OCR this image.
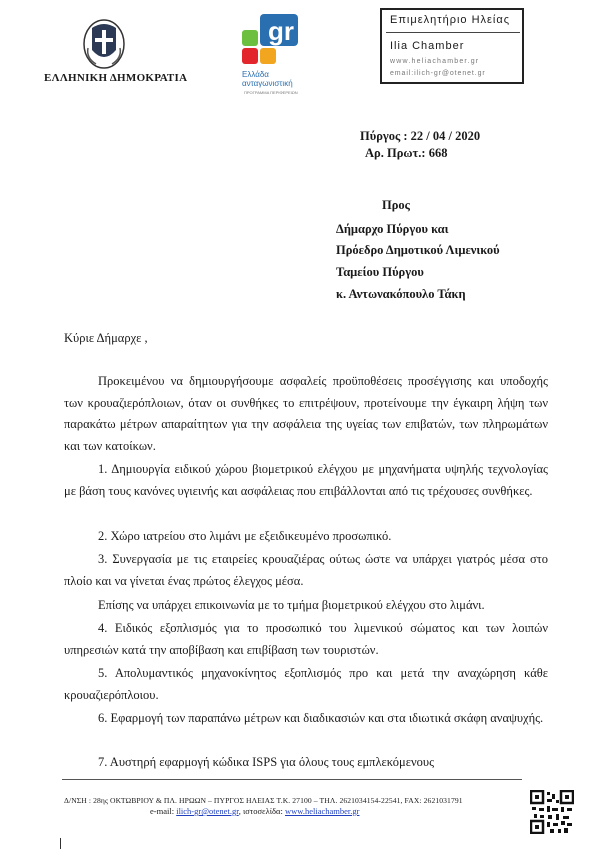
ΕΛΛΗΝΙΚΗ ΔΗΜΟΚΡΑΤΙΑ
gr
Ελλάδα
ανταγωνιστική
ΠΡΟΓΡΑΜΜΑ ΠΕΡΙΦΕΡΕΙΩΝ
Επιμελητήριο Ηλείας
Ilia Chamber
www.heliachamber.gr
email:ilich-gr@otenet.gr
Πύργος : 22 / 04 / 2020
Αρ. Πρωτ.: 668
Προς
Δήμαρχο Πύργου και
Πρόεδρο Δημοτικού Λιμενικού
Ταμείου Πύργου
κ. Αντωνακόπουλο Τάκη
Κύριε Δήμαρχε ,
Προκειμένου να δημιουργήσουμε ασφαλείς προϋποθέσεις προσέγγισης και υποδοχής των κρουαζιερόπλοιων, όταν οι συνθήκες το επιτρέψουν, προτείνουμε την έγκαιρη λήψη των παρακάτω μέτρων απαραίτητων για την ασφάλεια της υγείας των επιβατών, των πληρωμάτων και των κατοίκων.
1. Δημιουργία ειδικού χώρου βιομετρικού ελέγχου με μηχανήματα υψηλής τεχνολογίας με βάση τους κανόνες υγιεινής και ασφάλειας που επιβάλλονται από τις τρέχουσες συνθήκες.
2. Χώρο ιατρείου στο λιμάνι με εξειδικευμένο προσωπικό.
3. Συνεργασία με τις εταιρείες κρουαζιέρας ούτως ώστε να υπάρχει γιατρός μέσα στο πλοίο και να γίνεται ένας πρώτος έλεγχος μέσα.
Επίσης να υπάρχει επικοινωνία με το τμήμα βιομετρικού ελέγχου στο λιμάνι.
4. Ειδικός εξοπλισμός για το προσωπικό του λιμενικού σώματος και των λοιπών υπηρεσιών κατά την αποβίβαση και επιβίβαση των τουριστών.
5. Απολυμαντικός μηχανοκίνητος εξοπλισμός προ και μετά την αναχώρηση κάθε κρουαζιερόπλοιου.
6. Εφαρμογή των παραπάνω μέτρων και διαδικασιών και στα ιδιωτικά σκάφη αναψυχής.
7. Αυστηρή εφαρμογή κώδικα ISPS για όλους τους εμπλεκόμενους
Δ/ΝΣΗ : 28ης ΟΚΤΩΒΡΙΟΥ & ΠΛ. ΗΡΩΩΝ – ΠΥΡΓΟΣ ΗΛΕΙΑΣ Τ.Κ. 27100 – ΤΗΛ. 2621034154-22541, FAX: 2621031791
e-mail: ilich-gr@otenet.gr, ιστοσελίδα: www.heliachamber.gr
